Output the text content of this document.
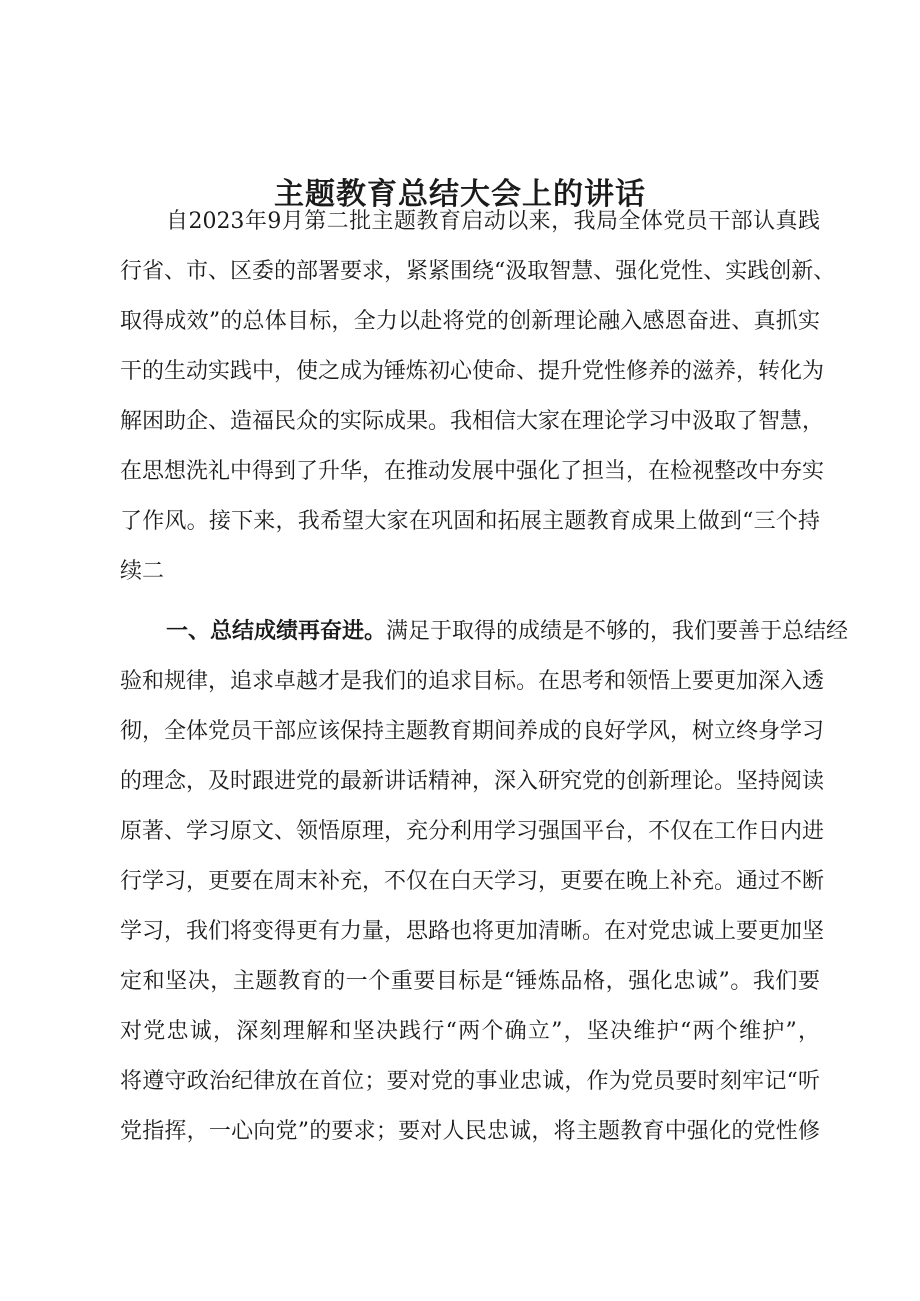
主题教育总结大会上的讲话
自2023年9月第二批主题教育启动以来，我局全体党员干部认真践
行省、市、区委的部署要求，紧紧围绕“汲取智慧、强化党性、实践创新、
取得成效”的总体目标，全力以赴将党的创新理论融入感恩奋进、真抓实
干的生动实践中，使之成为锤炼初心使命、提升党性修养的滋养，转化为
解困助企、造福民众的实际成果。我相信大家在理论学习中汲取了智慧，
在思想洗礼中得到了升华，在推动发展中强化了担当，在检视整改中夯实
了作风。接下来，我希望大家在巩固和拓展主题教育成果上做到“三个持
续二
一、总结成绩再奋进。满足于取得的成绩是不够的，我们要善于总结经
验和规律，追求卓越才是我们的追求目标。在思考和领悟上要更加深入透
彻，全体党员干部应该保持主题教育期间养成的良好学风，树立终身学习
的理念，及时跟进党的最新讲话精神，深入研究党的创新理论。坚持阅读
原著、学习原文、领悟原理，充分利用学习强国平台，不仅在工作日内进
行学习，更要在周末补充，不仅在白天学习，更要在晚上补充。通过不断
学习，我们将变得更有力量，思路也将更加清晰。在对党忠诚上要更加坚
定和坚决，主题教育的一个重要目标是“锤炼品格，强化忠诚”。我们要
对党忠诚，深刻理解和坚决践行“两个确立”，坚决维护“两个维护”，
将遵守政治纪律放在首位；要对党的事业忠诚，作为党员要时刻牢记“听
党指挥，一心向党”的要求；要对人民忠诚，将主题教育中强化的党性修
